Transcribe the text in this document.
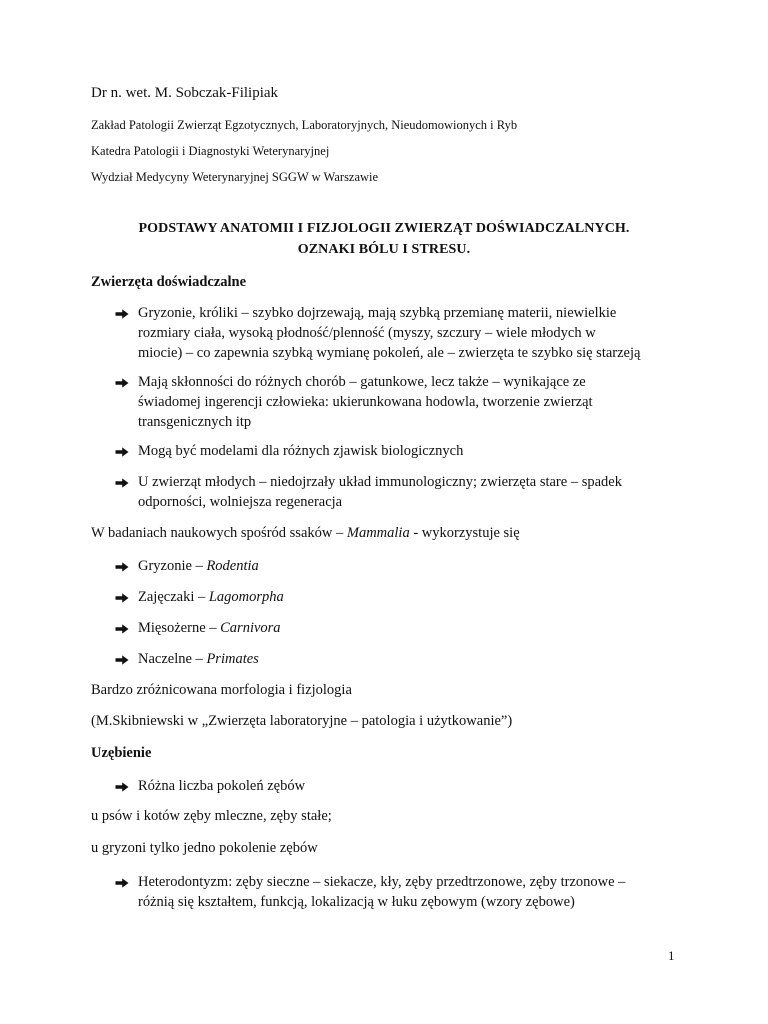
Dr n. wet. M. Sobczak-Filipiak
Zakład Patologii Zwierząt Egzotycznych, Laboratoryjnych, Nieudomowionych i Ryb
Katedra Patologii i Diagnostyki Weterynaryjnej
Wydział Medycyny Weterynaryjnej SGGW w Warszawie
PODSTAWY ANATOMII I FIZJOLOGII ZWIERZĄT DOŚWIADCZALNYCH.
OZNAKI BÓLU I STRESU.
Zwierzęta doświadczalne
Gryzonie, króliki – szybko dojrzewają, mają szybką przemianę materii, niewielkie
rozmiary ciała, wysoką płodność/plenność (myszy, szczury – wiele młodych w
miocie) – co zapewnia szybką wymianę pokoleń, ale – zwierzęta te szybko się starzeją
Mają skłonności do różnych chorób – gatunkowe, lecz także – wynikające ze
świadomej ingerencji człowieka: ukierunkowana hodowla, tworzenie zwierząt
transgenicznych itp
Mogą być modelami dla różnych zjawisk biologicznych
U zwierząt młodych – niedojrzały układ immunologiczny; zwierzęta stare – spadek
odporności, wolniejsza regeneracja
W badaniach naukowych spośród ssaków – Mammalia - wykorzystuje się
Gryzonie – Rodentia
Zajęczaki – Lagomorpha
Mięsożerne – Carnivora
Naczelne – Primates
Bardzo zróżnicowana morfologia i fizjologia
(M.Skibniewski w „Zwierzęta laboratoryjne – patologia i użytkowanie”)
Uzębienie
Różna liczba pokoleń zębów
u psów i kotów zęby mleczne, zęby stałe;
u gryzoni tylko jedno pokolenie zębów
Heterodontyzm: zęby sieczne – siekacze, kły, zęby przedtrzonowe, zęby trzonowe –
różnią się kształtem, funkcją, lokalizacją w łuku zębowym (wzory zębowe)
1
